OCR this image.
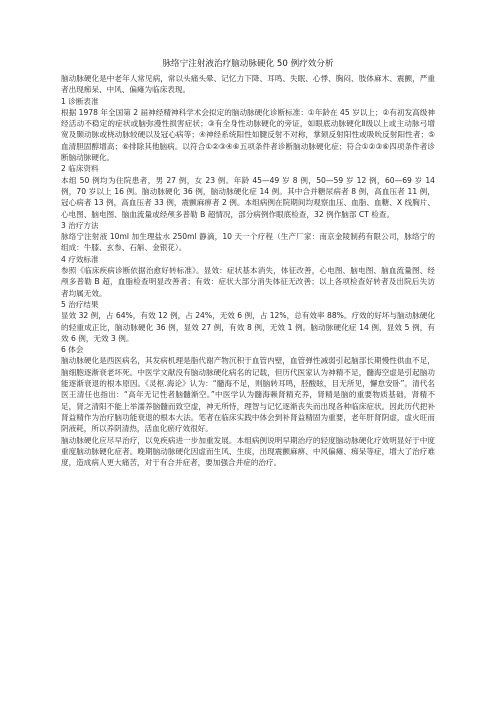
脉络宁注射液治疗脑动脉硬化 50 例疗效分析

脑动脉硬化是中老年人常见病，常以头痛头晕、记忆力下降、耳鸣、失眠、心悸、胸闷、肢体麻木、震颤，严重者出现痴呆、中风、偏瘫为临床表现。

1 诊断表准

根据 1978 年全国第 2 届神经精神科学术会拟定的脑动脉硬化诊断标准：①年龄在 45 岁以上；②有初发高级神经活动不稳定的症状或脑弥漫性损害症状；③有全身性动脉硬化的旁证，如眼底动脉硬化Ⅱ级以上或主动脉弓增宽及颞动脉或桡动脉较硬以及冠心病等；④神经系统阳性如腱反射不对称，掌颏反射阳性或吸吮反射阳性者；⑤血清胆固醇增高；⑥排除其他脑病。以符合①②③④⑥五项条件者诊断脑动脉硬化症；符合①②③⑥四项条件者诊断脑动脉硬化。

2 临床资料

本组 50 例均为住院患者，男 27 例，女 23 例。年龄 45—49 岁 8 例，50—59 岁 12 例，60—69 岁 14 例，70 岁以上 16 例。脑动脉硬化 36 例，脑动脉硬化症 14 例。其中合并糖尿病者 8 例，高血压者 11 例，冠心病者 13 例，高血压者 33 例，震颤麻痹者 2 例。本组病例在院期间均观察血压、血脂、血糖、X 线胸片、心电图、脑电图、脑血流量或经颅多普勒 B 超情况，部分病例作眼底检查，32 例作脑部 CT 检查。

3 治疗方法

脉络宁注射液 10ml 加生理盐水 250ml 静滴，10 天一个疗程（生产厂家：南京金陵制药有限公司，脉络宁的组成：牛膝、玄参、石斛、金银花）。

4 疗效标准

参照《临床疾病诊断依据治愈好转标准》。显效：症状基本消失，体征改善，心电图、脑电图、脑血流量图、经颅多普勒 B 超，血脂检查明显改善者；有效：症状大部分消失体征无改善；以上各项检查好转者及出院后失访者均属无效。

5 治疗结果

显效 32 例，占 64%，有效 12 例，占 24%，无效 6 例，占 12%，总有效率 88%。疗效的好坏与脑动脉硬化的轻重成正比，脑动脉硬化 36 例，显效 27 例，有效 8 例，无效 1 例。脑动脉硬化症 14 例，显效 5 例，有效 6 例，无效 3 例。

6 体会

脑动脉硬化是西医病名，其发病机理是脂代谢产物沉积于血管内壁，血管弹性减弱引起脑部长期慢性供血不足，脑细胞逐渐衰老坏死。中医学文献没有脑动脉硬化病名的记载，但历代医家认为神精不足，髓海空虚是引起脑功能逐渐衰退的根本原因。《灵枢.海论》认为：“髓海不足，则脑转耳鸣，胫酸眩，目无所见，懈怠安卧”。清代名医王清任也指出：“高年无记性者脑髓渐空。”中医学认为髓海赖肾精充养，肾精是脑的重要物质基础，肾精不足，肾之清阳不能上举濡养脑髓而致空虚，神无所恃，理智与记忆逐渐丧失而出现各种临床症状。因此历代把补肾益精作为治疗脑功能衰退的根本大法。笔者在临床实践中体会到补肾益精固为重要，老年肝肾阴虚，虚火旺而阴液耗，所以养阴清热，活血化瘀疗效很好。

脑动脉硬化应尽早治疗，以免疾病进一步加重发展。本组病例说明早期治疗的轻度脑动脉硬化疗效明显好于中度重度脑动脉硬化症者。晚期脑动脉硬化因虚而生风、生痰，出现震颤麻痹、中风偏瘫、痴呆等症，增大了治疗难度，造成病人更大痛苦，对于有合并症者，要加强合并症的治疗。
